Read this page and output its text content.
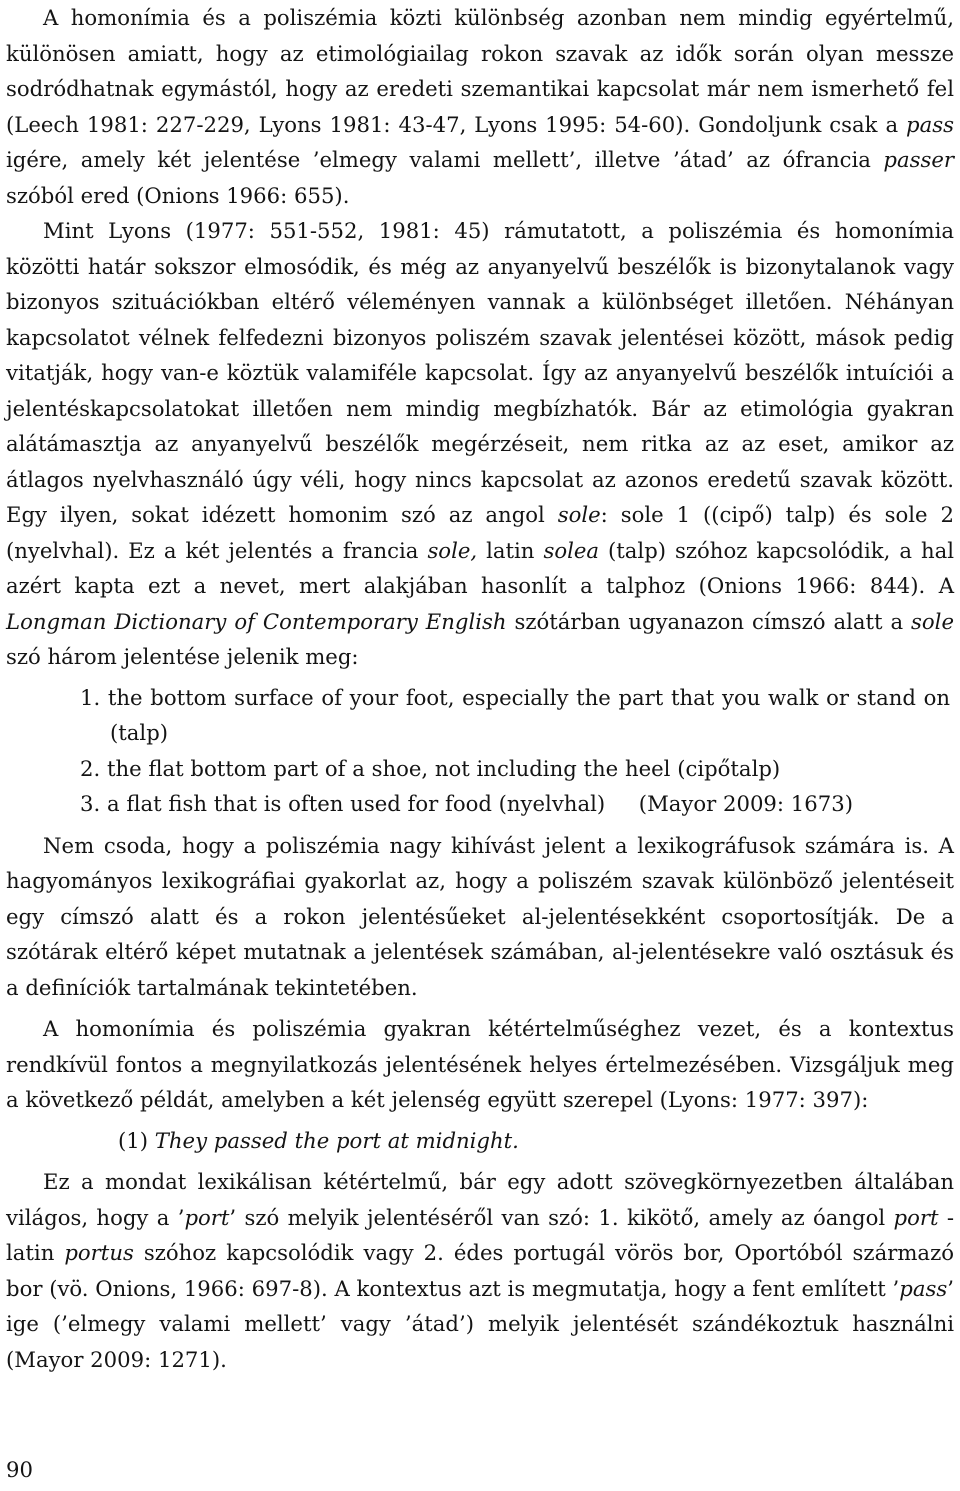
A homonímia és a poliszémia közti különbség azonban nem mindig egyértelmű, különösen amiatt, hogy az etimológiailag rokon szavak az idők során olyan messze sodródhatnak egymástól, hogy az eredeti szemantikai kapcsolat már nem ismerhető fel (Leech 1981: 227-229, Lyons 1981: 43-47, Lyons 1995: 54-60). Gondoljunk csak a pass igére, amely két jelentése ’elmegy valami mellett’, illetve ’átad’ az ófrancia passer szóból ered (Onions 1966: 655).

Mint Lyons (1977: 551-552, 1981: 45) rámutatott, a poliszémia és homonímia közötti határ sokszor elmosódik, és még az anyanyelvű beszélők is bizonytalanok vagy bizonyos szituációkban eltérő véleményen vannak a különbséget illetően. Néhányan kapcsolatot vélnek felfedezni bizonyos poliszém szavak jelentései között, mások pedig vitatják, hogy van-e köztük valamiféle kapcsolat. Így az anyanyelvű beszélők intuíciói a jelentéskapcsolatokat illetően nem mindig megbízhatók. Bár az etimológia gyakran alátámasztja az anyanyelvű beszélők megérzéseit, nem ritka az az eset, amikor az átlagos nyelvhasználó úgy véli, hogy nincs kapcsolat az azonos eredetű szavak között. Egy ilyen, sokat idézett homonim szó az angol sole: sole 1 ((cipő) talp) és sole 2 (nyelvhal). Ez a két jelentés a francia sole, latin solea (talp) szóhoz kapcsolódik, a hal azért kapta ezt a nevet, mert alakjában hasonlít a talphoz (Onions 1966: 844). A Longman Dictionary of Contemporary English szótárban ugyanazon címszó alatt a sole szó három jelentése jelenik meg:

1. the bottom surface of your foot, especially the part that you walk or stand on (talp)
2. the flat bottom part of a shoe, not including the heel (cipőtalp)
3. a flat fish that is often used for food (nyelvhal)     (Mayor 2009: 1673)

Nem csoda, hogy a poliszémia nagy kihívást jelent a lexikográfusok számára is. A hagyományos lexikográfiai gyakorlat az, hogy a poliszém szavak különböző jelentéseit egy címszó alatt és a rokon jelentésűeket al-jelentésekként csoportosítják. De a szótárak eltérő képet mutatnak a jelentések számában, al-jelentésekre való osztásuk és a definíciók tartalmának tekintetében.

A homonímia és poliszémia gyakran kétértelműséghez vezet, és a kontextus rendkívül fontos a megnyilatkozás jelentésének helyes értelmezésében. Vizsgáljuk meg a következő példát, amelyben a két jelenség együtt szerepel (Lyons: 1977: 397):

(1) They passed the port at midnight.

Ez a mondat lexikálisan kétértelmű, bár egy adott szövegkörnyezetben általában világos, hogy a ’port’ szó melyik jelentéséről van szó: 1. kikötő, amely az óangol port - latin portus szóhoz kapcsolódik vagy 2. édes portugál vörös bor, Oportóból származó bor (vö. Onions, 1966: 697-8). A kontextus azt is megmutatja, hogy a fent említett ’pass’ ige (’elmegy valami mellett’ vagy ’átad’) melyik jelentését szándékoztuk használni (Mayor 2009: 1271).

90
